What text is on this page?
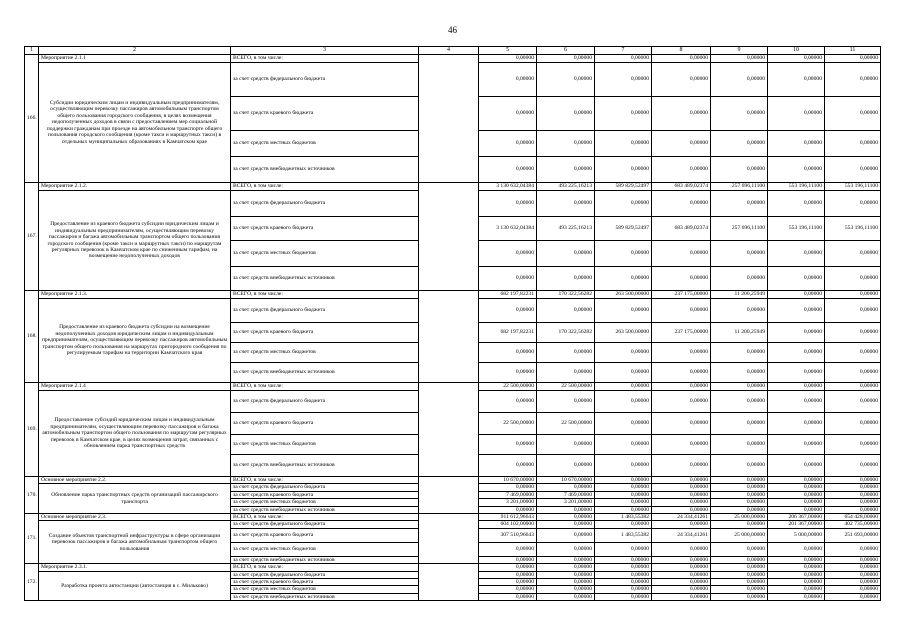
46
1	2	3	4	5	6	7	8	9	10	11
166.	Мероприятие 2.1.1	ВСЕГО, в том числе:		0,00000	0,00000	0,00000	0,00000	0,00000	0,00000	0,00000
	Субсидии юридическим лицам и индивидуальным предпринимателям, осуществляющим перевозку пассажиров автомобильным транспортом общего пользования городского сообщения, в целях возмещения недополученных доходов в связи с предоставлением мер социальной поддержки гражданам при проезде на автомобильном транспорте общего пользования городского сообщения (кроме такси и маршрутных такси) в отдельных муниципальных образованиях в Камчатском крае	за счет средств федерального бюджета		0,00000	0,00000	0,00000	0,00000	0,00000	0,00000	0,00000
		за счет средств краевого бюджета		0,00000	0,00000	0,00000	0,00000	0,00000	0,00000	0,00000
		за счет средств местных бюджетов		0,00000	0,00000	0,00000	0,00000	0,00000	0,00000	0,00000
		за счет средств внебюджетных источников		0,00000	0,00000	0,00000	0,00000	0,00000	0,00000	0,00000
167.	Мероприятие 2.1.2.	ВСЕГО, в том числе:		3 130 632,04384	493 225,16213	589 829,52497	683 489,02374	257 696,11100	553 196,11100	553 196,11100
	Предоставление из краевого бюджета субсидии юридическим лицам и индивидуальным предпринимателям, осуществляющим перевозку пассажиров и багажа автомобильным транспортом общего пользования городского сообщения (кроме такси и маршрутных такси) по маршрутам регулярных перевозок в Камчатском крае по сниженным тарифам, на возмещение недополученных доходов	за счет средств федерального бюджета		0,00000	0,00000	0,00000	0,00000	0,00000	0,00000	0,00000
		за счет средств краевого бюджета		3 130 632,04384	493 225,16213	589 829,52497	683 489,02374	257 696,11100	553 196,11100	553 196,11100
		за счет средств местных бюджетов		0,00000	0,00000	0,00000	0,00000	0,00000	0,00000	0,00000
		за счет средств внебюджетных источников		0,00000	0,00000	0,00000	0,00000	0,00000	0,00000	0,00000
168.	Мероприятие 2.1.3.	ВСЕГО, в том числе:		682 197,82231	170 322,56282	263 500,00000	237 175,00000	11 200,25949	0,00000	0,00000
	Предоставление из краевого бюджета субсидии на возмещение недополученных доходов юридическим лицам и индивидуальным предпринимателям, осуществляющим перевозку пассажиров автомобильным транспортом общего пользования на маршрутах пригородного сообщения по регулируемым тарифам на территории Камчатского края	за счет средств федерального бюджета		0,00000	0,00000	0,00000	0,00000	0,00000	0,00000	0,00000
		за счет средств краевого бюджета		682 197,82231	170 322,56282	263 500,00000	237 175,00000	11 200,25949	0,00000	0,00000
		за счет средств местных бюджетов		0,00000	0,00000	0,00000	0,00000	0,00000	0,00000	0,00000
		за счет средств внебюджетных источников		0,00000	0,00000	0,00000	0,00000	0,00000	0,00000	0,00000
169.	Мероприятие 2.1.4	ВСЕГО, в том числе:		22 500,00000	22 500,00000	0,00000	0,00000	0,00000	0,00000	0,00000
	Предоставление субсидий юридическим лицам и индивидуальным предпринимателям, осуществляющим перевозку пассажиров и багажа автомобильным транспортом общего пользования по маршрутам регулярных перевозок в Камчатском крае, в целях возмещения затрат, связанных с обновлением парка транспортных средств	за счет средств федерального бюджета		0,00000	0,00000	0,00000	0,00000	0,00000	0,00000	0,00000
		за счет средств краевого бюджета		22 500,00000	22 500,00000	0,00000	0,00000	0,00000	0,00000	0,00000
		за счет средств местных бюджетов		0,00000	0,00000	0,00000	0,00000	0,00000	0,00000	0,00000
		за счет средств внебюджетных источников		0,00000	0,00000	0,00000	0,00000	0,00000	0,00000	0,00000
170.	Основное мероприятие 2.2.	ВСЕГО, в том числе:		10 670,00000	10 670,00000	0,00000	0,00000	0,00000	0,00000	0,00000
	Обновление парка транспортных средств организаций пассажирского транспорта	за счет средств федерального бюджета		0,00000	0,00000	0,00000	0,00000	0,00000	0,00000	0,00000
		за счет средств краевого бюджета		7 469,00000	7 469,00000	0,00000	0,00000	0,00000	0,00000	0,00000
		за счет средств местных бюджетов		3 201,00000	3 201,00000	0,00000	0,00000	0,00000	0,00000	0,00000
		за счет средств внебюджетных источников		0,00000	0,00000	0,00000	0,00000	0,00000	0,00000	0,00000
171.	Основное мероприятие 2.3.	ВСЕГО, в том числе:		911 612,96643	0,00000	1 483,55382	24 334,41261	25 000,00000	206 367,00000	654 428,00000
	Создание объектов транспортной инфраструктуры в сфере организации перевозок пассажиров и багажа автомобильным транспортом общего пользования	за счет средств федерального бюджета		604 102,00000	0,00000	0,00000	0,00000	0,00000	201 367,00000	402 735,00000
		за счет средств краевого бюджета		307 510,96643	0,00000	1 483,55382	24 334,41261	25 000,00000	5 000,00000	251 693,00000
		за счет средств местных бюджетов		0,00000	0,00000	0,00000	0,00000	0,00000	0,00000	0,00000
		за счет средств внебюджетных источников		0,00000	0,00000	0,00000	0,00000	0,00000	0,00000	0,00000
172.	Мероприятие 2.3.1.	ВСЕГО, в том числе:		0,00000	0,00000	0,00000	0,00000	0,00000	0,00000	0,00000
	Разработка проекта автостанции (автостанция в с. Мильково)	за счет средств федерального бюджета		0,00000	0,00000	0,00000	0,00000	0,00000	0,00000	0,00000
		за счет средств краевого бюджета		0,00000	0,00000	0,00000	0,00000	0,00000	0,00000	0,00000
		за счет средств местных бюджетов		0,00000	0,00000	0,00000	0,00000	0,00000	0,00000	0,00000
		за счет средств внебюджетных источников		0,00000	0,00000	0,00000	0,00000	0,00000	0,00000	0,00000
